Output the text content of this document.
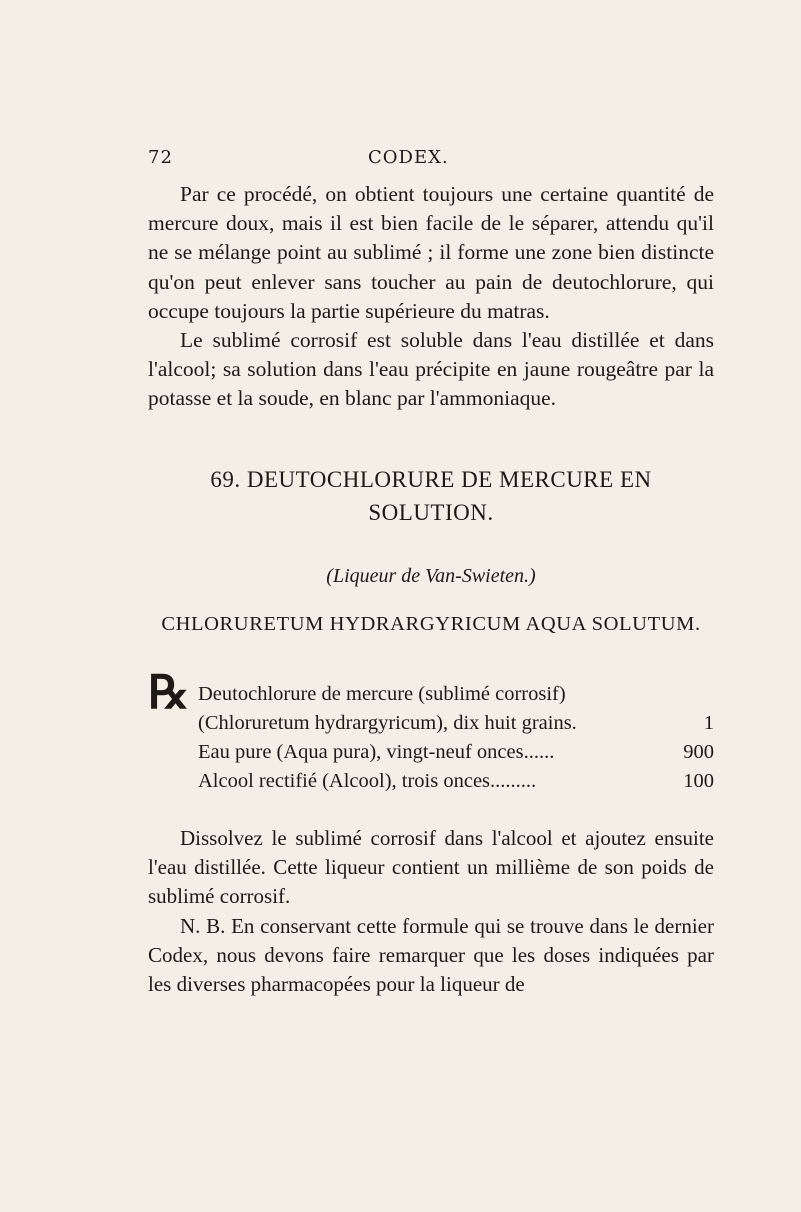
72	CODEX.

Par ce procédé, on obtient toujours une certaine quantité de mercure doux, mais il est bien facile de le séparer, attendu qu'il ne se mélange point au sublimé ; il forme une zone bien distincte qu'on peut enlever sans toucher au pain de deutochlorure, qui occupe toujours la partie supérieure du matras.

Le sublimé corrosif est soluble dans l'eau distillée et dans l'alcool; sa solution dans l'eau précipite en jaune rougeâtre par la potasse et la soude, en blanc par l'ammoniaque.

69. DEUTOCHLORURE DE MERCURE EN
SOLUTION.
(Liqueur de Van-Swieten.)
CHLORURETUM HYDRARGYRICUM AQUA SOLUTUM.
℞ Deutochlorure de mercure (sublimé corrosif)
(Chloruretum hydrargyricum), dix huit grains.	1
Eau pure (Aqua pura), vingt-neuf onces......	900
Alcool rectifié (Alcool), trois onces.........	100

Dissolvez le sublimé corrosif dans l'alcool et ajoutez ensuite l'eau distillée. Cette liqueur contient un millième de son poids de sublimé corrosif.

N. B. En conservant cette formule qui se trouve dans le dernier Codex, nous devons faire remarquer que les doses indiquées par les diverses pharmacopées pour la liqueur de
